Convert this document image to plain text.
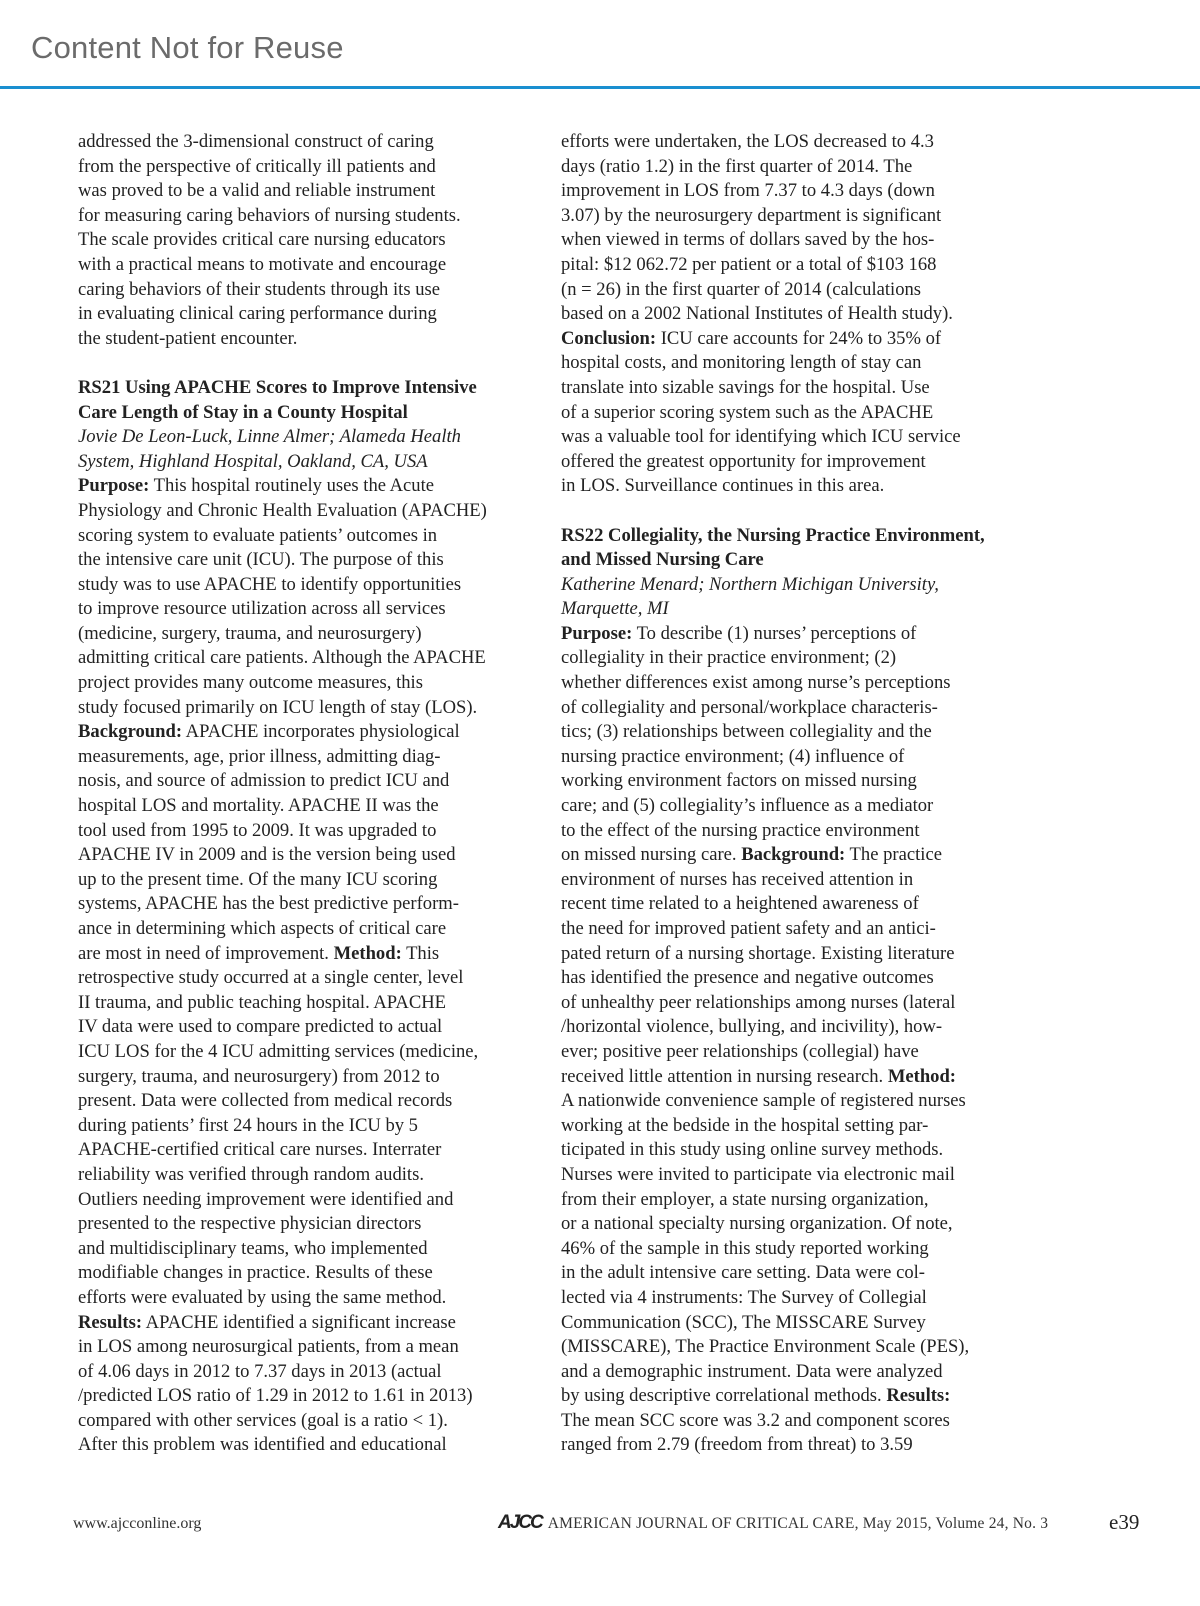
Content Not for Reuse
addressed the 3-dimensional construct of caring
from the perspective of critically ill patients and
was proved to be a valid and reliable instrument
for measuring caring behaviors of nursing students.
The scale provides critical care nursing educators
with a practical means to motivate and encourage
caring behaviors of their students through its use
in evaluating clinical caring performance during
the student-patient encounter.
RS21 Using APACHE Scores to Improve Intensive
Care Length of Stay in a County Hospital
Jovie De Leon-Luck, Linne Almer; Alameda Health
System, Highland Hospital, Oakland, CA, USA
Purpose: This hospital routinely uses the Acute
Physiology and Chronic Health Evaluation (APACHE)
scoring system to evaluate patients’ outcomes in
the intensive care unit (ICU). The purpose of this
study was to use APACHE to identify opportunities
to improve resource utilization across all services
(medicine, surgery, trauma, and neurosurgery)
admitting critical care patients. Although the APACHE
project provides many outcome measures, this
study focused primarily on ICU length of stay (LOS).
Background: APACHE incorporates physiological
measurements, age, prior illness, admitting diag-
nosis, and source of admission to predict ICU and
hospital LOS and mortality. APACHE II was the
tool used from 1995 to 2009. It was upgraded to
APACHE IV in 2009 and is the version being used
up to the present time. Of the many ICU scoring
systems, APACHE has the best predictive perform-
ance in determining which aspects of critical care
are most in need of improvement. Method: This
retrospective study occurred at a single center, level
II trauma, and public teaching hospital. APACHE
IV data were used to compare predicted to actual
ICU LOS for the 4 ICU admitting services (medicine,
surgery, trauma, and neurosurgery) from 2012 to
present. Data were collected from medical records
during patients’ first 24 hours in the ICU by 5
APACHE-certified critical care nurses. Interrater
reliability was verified through random audits.
Outliers needing improvement were identified and
presented to the respective physician directors
and multidisciplinary teams, who implemented
modifiable changes in practice. Results of these
efforts were evaluated by using the same method.
Results: APACHE identified a significant increase
in LOS among neurosurgical patients, from a mean
of 4.06 days in 2012 to 7.37 days in 2013 (actual
/predicted LOS ratio of 1.29 in 2012 to 1.61 in 2013)
compared with other services (goal is a ratio < 1).
After this problem was identified and educational
efforts were undertaken, the LOS decreased to 4.3
days (ratio 1.2) in the first quarter of 2014. The
improvement in LOS from 7.37 to 4.3 days (down
3.07) by the neurosurgery department is significant
when viewed in terms of dollars saved by the hos-
pital: $12 062.72 per patient or a total of $103 168
(n = 26) in the first quarter of 2014 (calculations
based on a 2002 National Institutes of Health study).
Conclusion: ICU care accounts for 24% to 35% of
hospital costs, and monitoring length of stay can
translate into sizable savings for the hospital. Use
of a superior scoring system such as the APACHE
was a valuable tool for identifying which ICU service
offered the greatest opportunity for improvement
in LOS. Surveillance continues in this area.
RS22 Collegiality, the Nursing Practice Environment,
and Missed Nursing Care
Katherine Menard; Northern Michigan University,
Marquette, MI
Purpose: To describe (1) nurses’ perceptions of
collegiality in their practice environment; (2)
whether differences exist among nurse’s perceptions
of collegiality and personal/workplace characteris-
tics; (3) relationships between collegiality and the
nursing practice environment; (4) influence of
working environment factors on missed nursing
care; and (5) collegiality’s influence as a mediator
to the effect of the nursing practice environment
on missed nursing care. Background: The practice
environment of nurses has received attention in
recent time related to a heightened awareness of
the need for improved patient safety and an antici-
pated return of a nursing shortage. Existing literature
has identified the presence and negative outcomes
of unhealthy peer relationships among nurses (lateral
/horizontal violence, bullying, and incivility), how-
ever; positive peer relationships (collegial) have
received little attention in nursing research. Method:
A nationwide convenience sample of registered nurses
working at the bedside in the hospital setting par-
ticipated in this study using online survey methods.
Nurses were invited to participate via electronic mail
from their employer, a state nursing organization,
or a national specialty nursing organization. Of note,
46% of the sample in this study reported working
in the adult intensive care setting. Data were col-
lected via 4 instruments: The Survey of Collegial
Communication (SCC), The MISSCARE Survey
(MISSCARE), The Practice Environment Scale (PES),
and a demographic instrument. Data were analyzed
by using descriptive correlational methods. Results:
The mean SCC score was 3.2 and component scores
ranged from 2.79 (freedom from threat) to 3.59
www.ajcconline.org	AJCC AMERICAN JOURNAL OF CRITICAL CARE, May 2015, Volume 24, No. 3	e39
